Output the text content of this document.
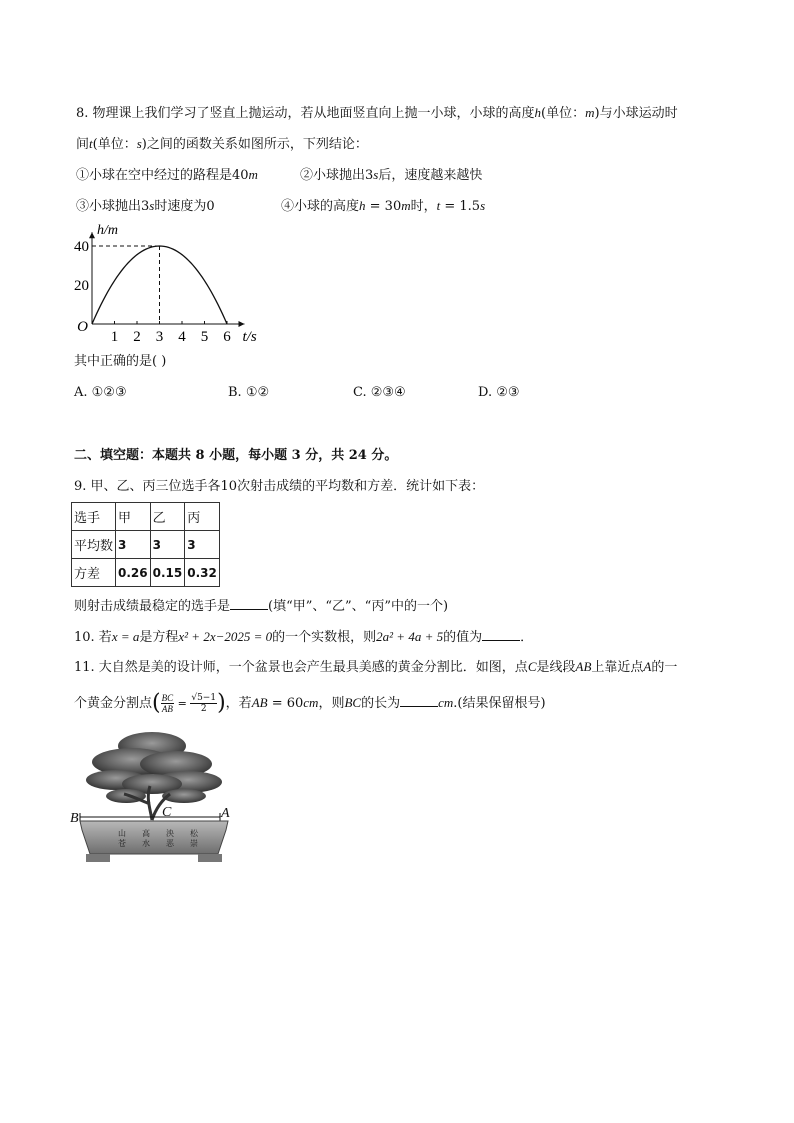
8. 物理课上我们学习了竖直上抛运动，若从地面竖直向上抛一小球，小球的高度h(单位：m)与小球运动时
间t(单位：s)之间的函数关系如图所示，下列结论：
①小球在空中经过的路程是40m	②小球抛出3s后，速度越来越快
③小球抛出3s时速度为0	④小球的高度h = 30m时，t = 1.5s
1 2 3 4 5 6
20
40
O
t/s
h/m
其中正确的是( )
A. ①②③	B. ①②	C. ②③④	D. ②③
二、填空题：本题共 8 小题，每小题 3 分，共 24 分。
9. 甲、乙、丙三位选手各10次射击成绩的平均数和方差．统计如下表：
选手	甲	乙	丙
平均数	3	3	3
方差	0.26	0.15	0.32
则射击成绩最稳定的选手是	(填“甲”、“乙”、“丙”中的一个)
10. 若x = a是方程x² + 2x−2025 = 0的一个实数根，则2a² + 4a + 5的值为	．
11. 大自然是美的设计师，一个盆景也会产生最具美感的黄金分割比．如图，点C是线段AB上靠近点A的一
个黄金分割点( $\frac{BC}{AB} = \frac{√5-1}{2}$ )，若AB = 60cm，则BC的长为	cm.(结果保留根号)
山
苍
高
水
泱
恶
松
崇
B	C	A
